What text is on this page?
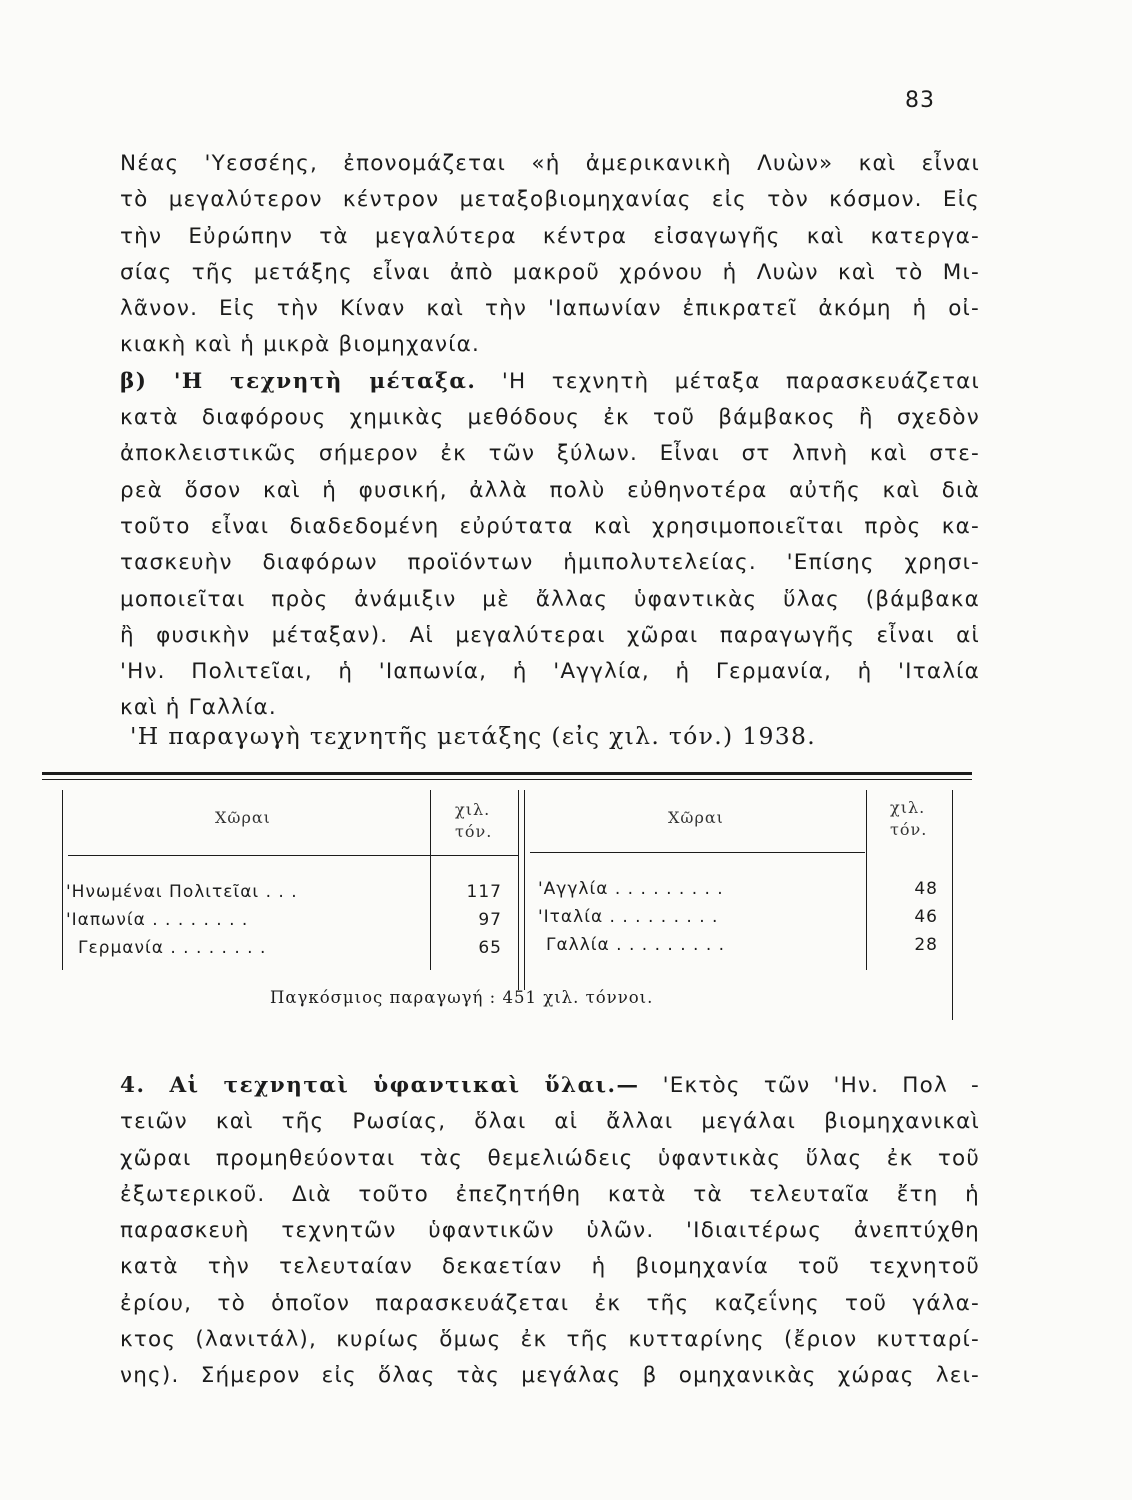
83
Νέας 'Υεσσέης, ἐπονομάζεται «ἡ ἀμερικανικὴ Λυὼν» καὶ εἶναι
τὸ μεγαλύτερον κέντρον μεταξοβιομηχανίας εἰς τὸν κόσμον. Εἰς
τὴν Εὐρώπην τὰ μεγαλύτερα κέντρα εἰσαγωγῆς καὶ κατεργα-
σίας τῆς μετάξης εἶναι ἀπὸ μακροῦ χρόνου ἡ Λυὼν καὶ τὸ Μι-
λᾶνον. Εἰς τὴν Κίναν καὶ τὴν 'Ιαπωνίαν ἐπικρατεῖ ἀκόμη ἡ οἰ-
κιακὴ καὶ ἡ μικρὰ βιομηχανία.
β) 'Η τεχνητὴ μέταξα. 'Η τεχνητὴ μέταξα παρασκευάζεται
κατὰ διαφόρους χημικὰς μεθόδους ἐκ τοῦ βάμβακος ἢ σχεδὸν
ἀποκλειστικῶς σήμερον ἐκ τῶν ξύλων. Εἶναι στ λπνὴ καὶ στε-
ρεὰ ὅσον καὶ ἡ φυσική, ἀλλὰ πολὺ εὐθηνοτέρα αὐτῆς καὶ διὰ
τοῦτο εἶναι διαδεδομένη εὐρύτατα καὶ χρησιμοποιεῖται πρὸς κα-
τασκευὴν διαφόρων προϊόντων ἡμιπολυτελείας. 'Επίσης χρησι-
μοποιεῖται πρὸς ἀνάμιξιν μὲ ἄλλας ὑφαντικὰς ὕλας (βάμβακα
ἢ φυσικὴν μέταξαν). Αἱ μεγαλύτεραι χῶραι παραγωγῆς εἶναι αἱ
'Ην. Πολιτεῖαι, ἡ 'Ιαπωνία, ἡ 'Αγγλία, ἡ Γερμανία, ἡ 'Ιταλία
καὶ ἡ Γαλλία.
'Η παραγωγὴ τεχνητῆς μετάξης (εἰς χιλ. τόν.) 1938.
Χῶραι	χιλ.
τόν.
Χῶραι
χιλ.
τόν.
'Ηνωμέναι Πολιτεῖαι . . .	117
'Ιαπωνία . . . . . . . .	97
Γερμανία . . . . . . . .	65
'Αγγλία . . . . . . . . .	48
'Ιταλία . . . . . . . . .	46
Γαλλία . . . . . . . . .	28
Παγκόσμιος παραγωγή : 451 χιλ. τόννοι.
4. Αἱ τεχνηταὶ ὑφαντικαὶ ὕλαι.— 'Εκτὸς τῶν 'Ην. Πολ -
τειῶν καὶ τῆς Ρωσίας, ὅλαι αἱ ἄλλαι μεγάλαι βιομηχανικαὶ
χῶραι προμηθεύονται τὰς θεμελιώδεις ὑφαντικὰς ὕλας ἐκ τοῦ
ἐξωτερικοῦ. Διὰ τοῦτο ἐπεζητήθη κατὰ τὰ τελευταῖα ἔτη ἡ
παρασκευὴ τεχνητῶν ὑφαντικῶν ὑλῶν. 'Ιδιαιτέρως ἀνεπτύχθη
κατὰ τὴν τελευταίαν δεκαετίαν ἡ βιομηχανία τοῦ τεχνητοῦ
ἐρίου, τὸ ὁποῖον παρασκευάζεται ἐκ τῆς καζεΐνης τοῦ γάλα-
κτος (λανιτάλ), κυρίως ὅμως ἐκ τῆς κυτταρίνης (ἔριον κυτταρί-
νης). Σήμερον εἰς ὅλας τὰς μεγάλας β ομηχανικὰς χώρας λει-
